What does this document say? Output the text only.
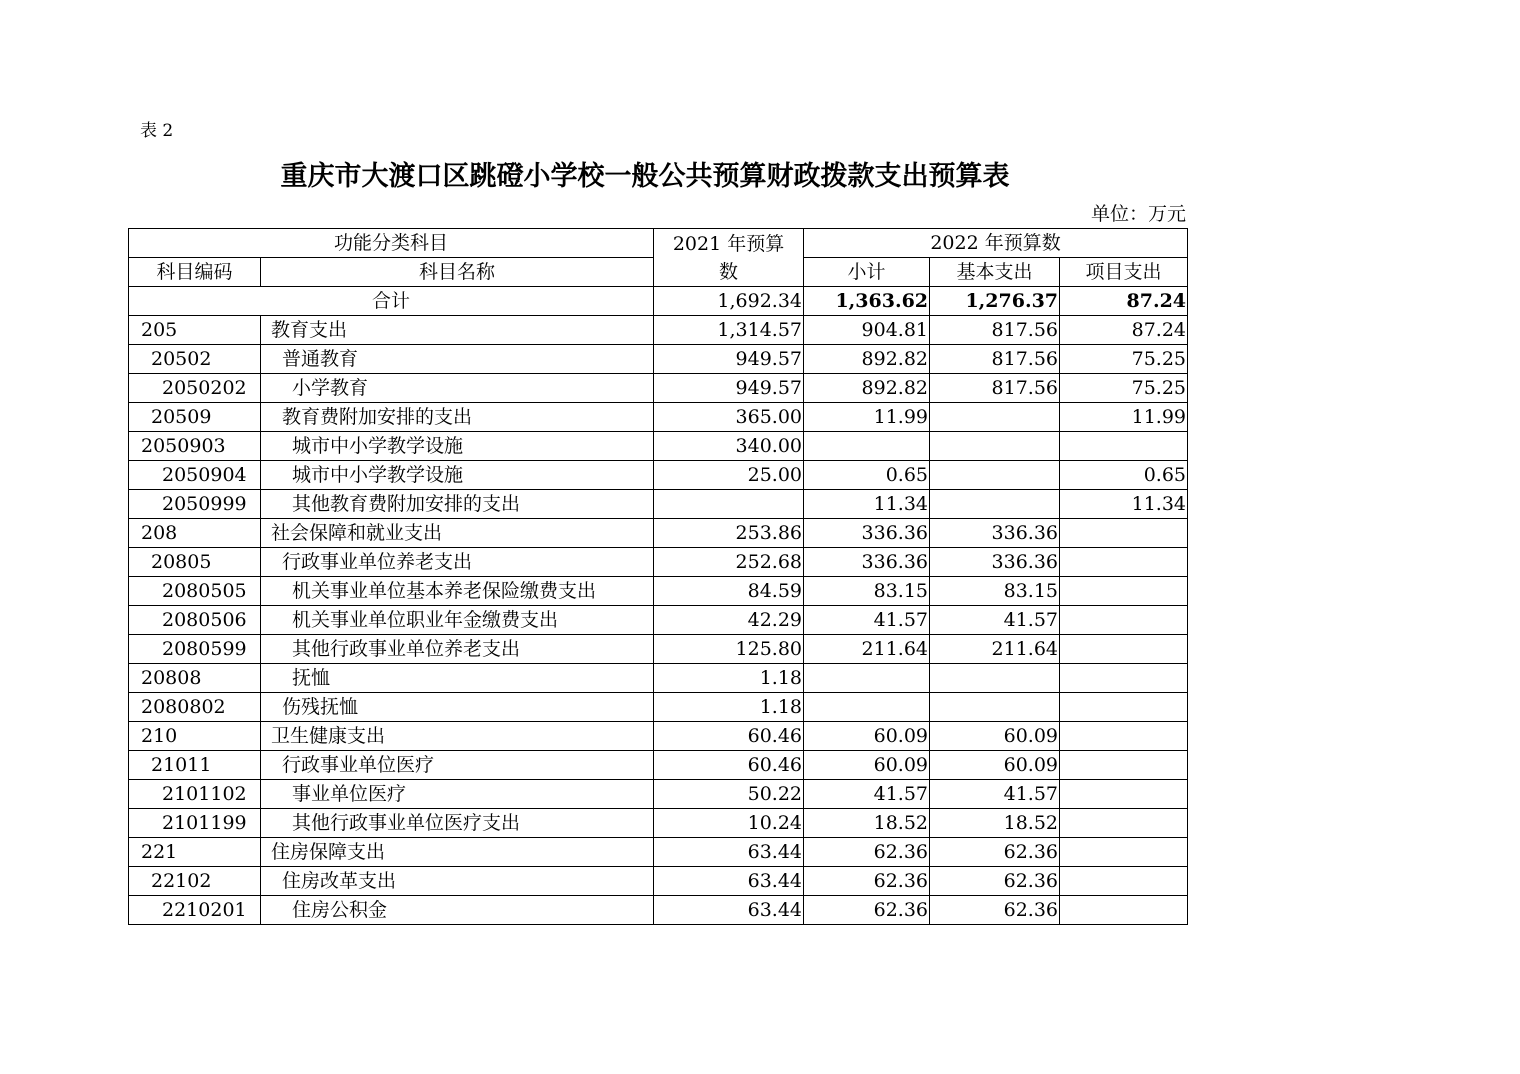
表 2
重庆市大渡口区跳磴小学校一般公共预算财政拨款支出预算表
单位：万元
功能分类科目		2021 年预算
数	2022 年预算数		
科目编码	科目名称		小计	基本支出	项目支出
合计		1,692.34	1,363.62	1,276.37	87.24
205	教育支出	1,314.57	904.81	817.56	87.24
20502	普通教育	949.57	892.82	817.56	75.25
2050202	小学教育	949.57	892.82	817.56	75.25
20509	教育费附加安排的支出	365.00	11.99		11.99
2050903	城市中小学教学设施	340.00			
2050904	城市中小学教学设施	25.00	0.65		0.65
2050999	其他教育费附加安排的支出		11.34		11.34
208	社会保障和就业支出	253.86	336.36	336.36	
20805	行政事业单位养老支出	252.68	336.36	336.36	
2080505	机关事业单位基本养老保险缴费支出	84.59	83.15	83.15	
2080506	机关事业单位职业年金缴费支出	42.29	41.57	41.57	
2080599	其他行政事业单位养老支出	125.80	211.64	211.64	
20808	抚恤	1.18			
2080802	伤残抚恤	1.18			
210	卫生健康支出	60.46	60.09	60.09	
21011	行政事业单位医疗	60.46	60.09	60.09	
2101102	事业单位医疗	50.22	41.57	41.57	
2101199	其他行政事业单位医疗支出	10.24	18.52	18.52	
221	住房保障支出	63.44	62.36	62.36	
22102	住房改革支出	63.44	62.36	62.36	
2210201	住房公积金	63.44	62.36	62.36	
